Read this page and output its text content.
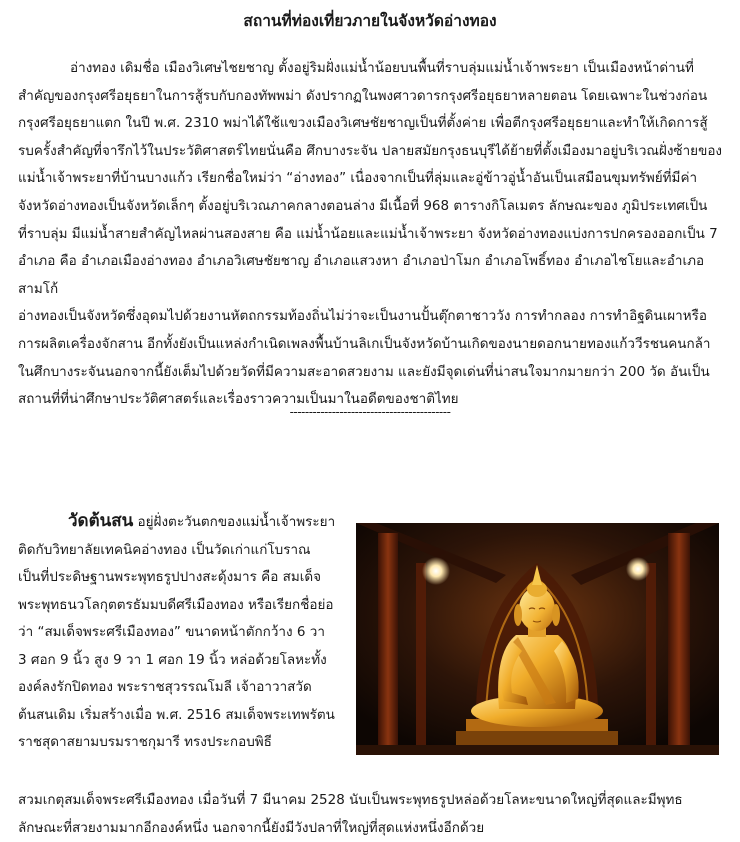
สถานที่ท่องเที่ยวภายในจังหวัดอ่างทอง

อ่างทอง เดิมชื่อ เมืองวิเศษไชยชาญ ตั้งอยู่ริมฝั่งแม่น้ำน้อยบนพื้นที่ราบลุ่มแม่น้ำเจ้าพระยา เป็นเมืองหน้าด่านที่สำคัญของกรุงศรีอยุธยาในการสู้รบกับกองทัพพม่า ดังปรากฏในพงศาวดารกรุงศรีอยุธยาหลายตอน โดยเฉพาะในช่วงก่อนกรุงศรีอยุธยาแตก ในปี พ.ศ. 2310 พม่าได้ใช้แขวงเมืองวิเศษชัยชาญเป็นที่ตั้งค่าย เพื่อตีกรุงศรีอยุธยาและทำให้เกิดการสู้รบครั้งสำคัญที่จารึกไว้ในประวัติศาสตร์ไทยนั่นคือ ศึกบางระจัน ปลายสมัยกรุงธนบุรีได้ย้ายที่ตั้งเมืองมาอยู่บริเวณฝั่งซ้ายของแม่น้ำเจ้าพระยาที่บ้านบางแก้ว เรียกชื่อใหม่ว่า “อ่างทอง” เนื่องจากเป็นที่ลุ่มและอู่ข้าวอู่น้ำอันเป็นเสมือนขุมทรัพย์ที่มีค่า

จังหวัดอ่างทองเป็นจังหวัดเล็กๆ ตั้งอยู่บริเวณภาคกลางตอนล่าง มีเนื้อที่ 968 ตารางกิโลเมตร ลักษณะของ ภูมิประเทศเป็นที่ราบลุ่ม มีแม่น้ำสายสำคัญไหลผ่านสองสาย คือ แม่น้ำน้อยและแม่น้ำเจ้าพระยา จังหวัดอ่างทองแบ่งการปกครองออกเป็น 7 อำเภอ คือ อำเภอเมืองอ่างทอง อำเภอวิเศษชัยชาญ อำเภอแสวงหา อำเภอป่าโมก อำเภอโพธิ์ทอง อำเภอไชโยและอำเภอสามโก้

อ่างทองเป็นจังหวัดซึ่งอุดมไปด้วยงานหัตถกรรมท้องถิ่นไม่ว่าจะเป็นงานปั้นตุ๊กตาชาววัง การทำกลอง การทำอิฐดินเผาหรือการผลิตเครื่องจักสาน อีกทั้งยังเป็นแหล่งกำเนิดเพลงพื้นบ้านลิเกเป็นจังหวัดบ้านเกิดของนายดอกนายทองแก้ววีรชนคนกล้าในศึกบางระจันนอกจากนี้ยังเต็มไปด้วยวัดที่มีความสะอาดสวยงาม และยังมีจุดเด่นที่น่าสนใจมากมายกว่า 200 วัด อันเป็นสถานที่ที่น่าศึกษาประวัติศาสตร์และเรื่องราวความเป็นมาในอดีตของชาติไทย

------------------------------------------
วัดต้นสน อยู่ฝั่งตะวันตกของแม่น้ำเจ้าพระยา ติดกับวิทยาลัยเทคนิคอ่างทอง เป็นวัดเก่าแก่โบราณ เป็นที่ประดิษฐานพระพุทธรูปปางสะดุ้งมาร คือ สมเด็จพระพุทธนวโลกุตตรธัมมบดีศรีเมืองทอง หรือเรียกชื่อย่อว่า “สมเด็จพระศรีเมืองทอง” ขนาดหน้าตักกว้าง 6 วา 3 ศอก 9 นิ้ว สูง 9 วา 1 ศอก 19 นิ้ว หล่อด้วยโลหะทั้งองค์ลงรักปิดทอง พระราชสุวรรณโมลี เจ้าอาวาสวัดต้นสนเดิม เริ่มสร้างเมื่อ พ.ศ. 2516 สมเด็จพระเทพรัตนราชสุดาสยามบรมราชกุมารี ทรงประกอบพิธี
สวมเกตุสมเด็จพระศรีเมืองทอง เมื่อวันที่ 7 มีนาคม 2528 นับเป็นพระพุทธรูปหล่อด้วยโลหะขนาดใหญ่ที่สุดและมีพุทธลักษณะที่สวยงามมากอีกองค์หนึ่ง นอกจากนี้ยังมีวังปลาที่ใหญ่ที่สุดแห่งหนึ่งอีกด้วย
